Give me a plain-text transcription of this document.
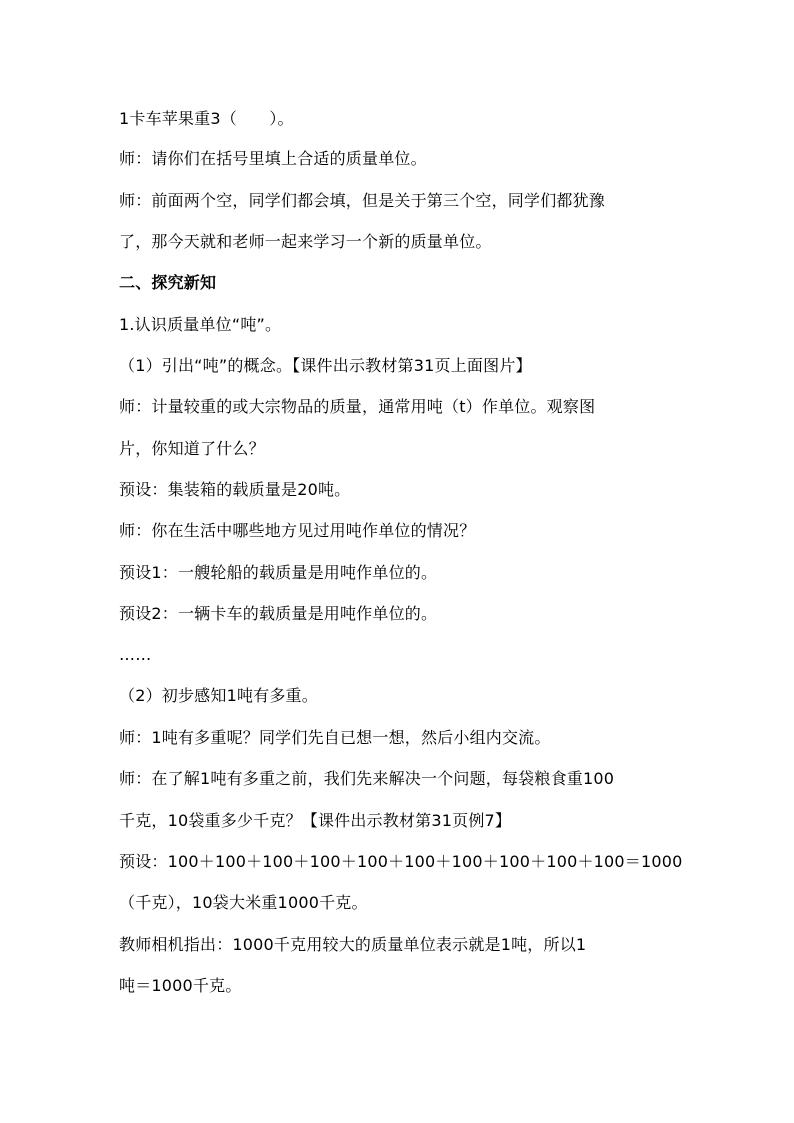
1卡车苹果重3（　　）。
师：请你们在括号里填上合适的质量单位。
师：前面两个空，同学们都会填，但是关于第三个空，同学们都犹豫
了，那今天就和老师一起来学习一个新的质量单位。
二、探究新知
1.认识质量单位“吨”。
（1）引出“吨”的概念。【课件出示教材第31页上面图片】
师：计量较重的或大宗物品的质量，通常用吨（t）作单位。观察图
片，你知道了什么？
预设：集装箱的载质量是20吨。
师：你在生活中哪些地方见过用吨作单位的情况？
预设1：一艘轮船的载质量是用吨作单位的。
预设2：一辆卡车的载质量是用吨作单位的。
……
（2）初步感知1吨有多重。
师：1吨有多重呢？同学们先自已想一想，然后小组内交流。
师：在了解1吨有多重之前，我们先来解决一个问题，每袋粮食重100
千克，10袋重多少千克？【课件出示教材第31页例7】
预设：100＋100＋100＋100＋100＋100＋100＋100＋100＋100＝1000
（千克），10袋大米重1000千克。
教师相机指出：1000千克用较大的质量单位表示就是1吨，所以1
吨＝1000千克。
